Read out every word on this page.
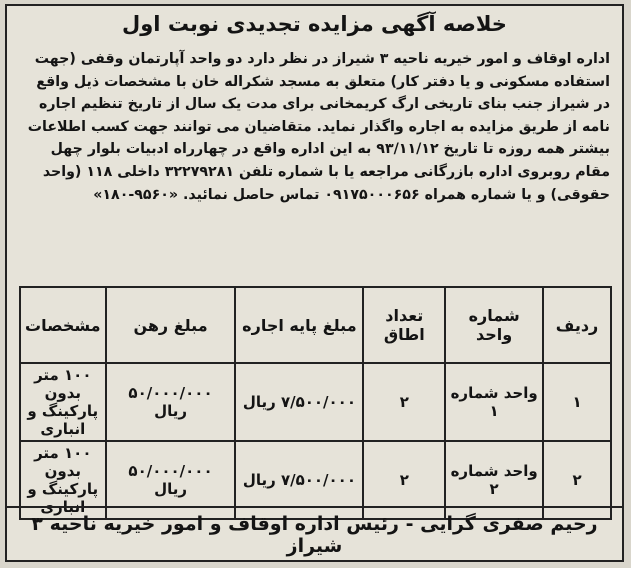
خلاصه آگهی مزایده تجدیدی نوبت اول
اداره اوقاف و امور خیریه ناحیه ۳ شیراز در نظر دارد دو واحد آپارتمان وقفی (جهت
استفاده مسکونی و یا دفتر کار) متعلق به مسجد شکراله خان با مشخصات ذیل واقع
در شیراز جنب بنای تاریخی ارگ کریمخانی برای مدت یک سال از تاریخ تنظیم اجاره
نامه از طریق مزایده به اجاره واگذار نماید. متقاضیان می توانند جهت کسب اطلاعات
بیشتر همه روزه تا تاریخ ۹۳/۱۱/۱۲ به این اداره واقع در چهارراه ادبیات بلوار چهل
مقام روبروی اداره بازرگانی مراجعه یا با شماره تلفن ۳۲۲۷۹۲۸۱ داخلی ۱۱۸ (واحد
حقوقی) و یا شماره همراه ۰۹۱۷۵۰۰۰۶۵۶ تماس حاصل نمائید. «۹۵۶۰-۱۸۰»
ردیف	شماره واحد	تعداد اطاق	مبلغ پایه اجاره	مبلغ رهن	مشخصات
۱	واحد شماره ۱	۲	۷/۵۰۰/۰۰۰ ریال	۵۰/۰۰۰/۰۰۰ ریال	۱۰۰ متر بدون پارکینگ و انباری
۲	واحد شماره ۲	۲	۷/۵۰۰/۰۰۰ ریال	۵۰/۰۰۰/۰۰۰ ریال	۱۰۰ متر بدون پارکینگ و انباری
رحیم صفری گرایی - رئیس اداره اوقاف و امور خیریه ناحیه ۳ شیراز
